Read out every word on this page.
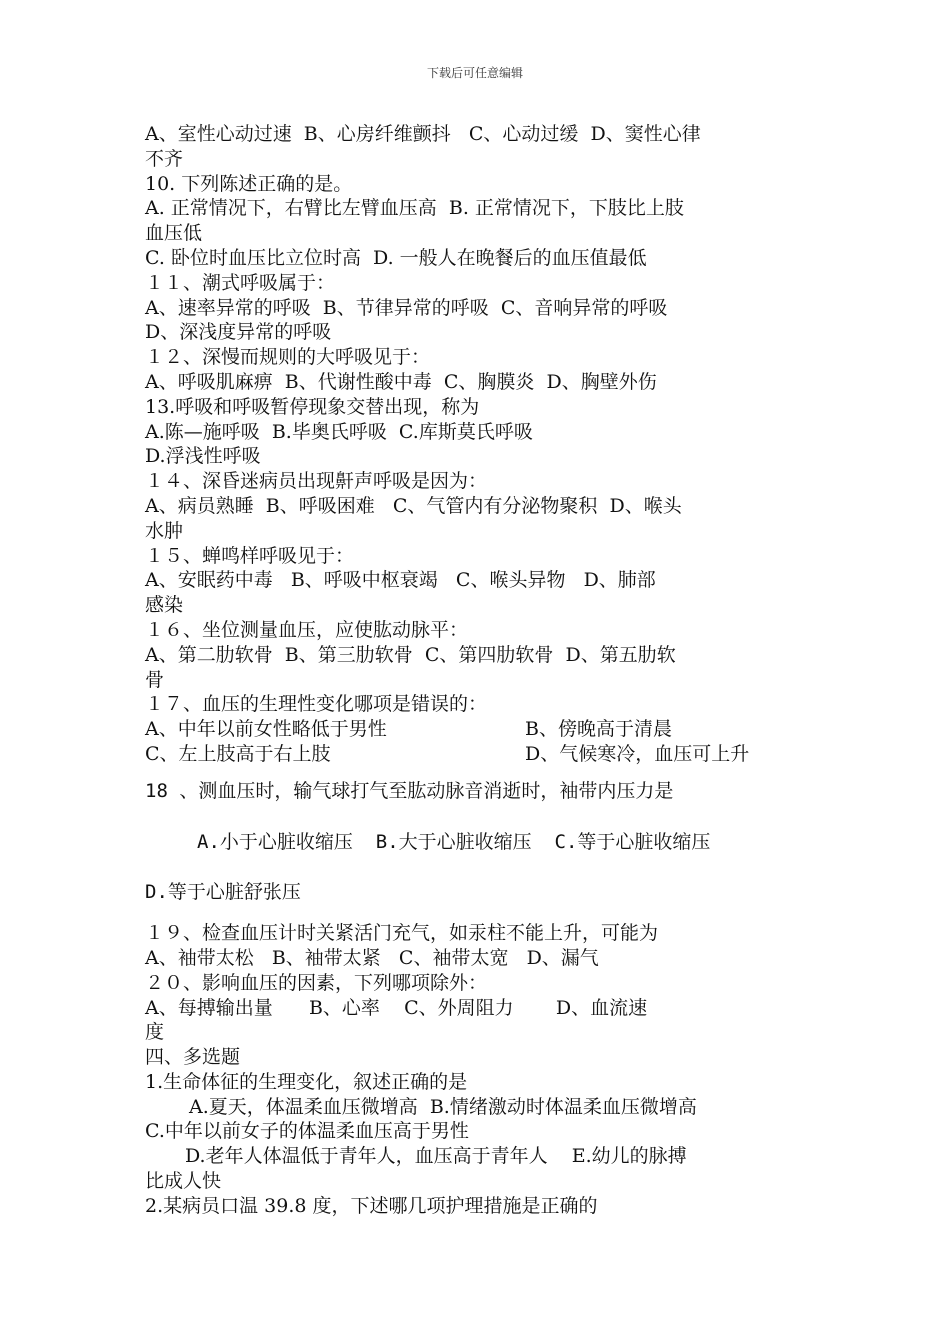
下载后可任意编辑
A、室性心动过速  B、心房纤维颤抖   C、心动过缓  D、窦性心律
不齐
10. 下列陈述正确的是。
A. 正常情况下，右臂比左臂血压高  B. 正常情况下，下肢比上肢
血压低
C. 卧位时血压比立位时高  D. 一般人在晚餐后的血压值最低
１１、潮式呼吸属于：
A、速率异常的呼吸  B、节律异常的呼吸  C、音响异常的呼吸
D、深浅度异常的呼吸
１２、深慢而规则的大呼吸见于：
A、呼吸肌麻痹  B、代谢性酸中毒  C、胸膜炎  D、胸壁外伤
13.呼吸和呼吸暂停现象交替出现，称为
A.陈—施呼吸  B.毕奥氏呼吸  C.库斯莫氏呼吸
D.浮浅性呼吸
１４、深昏迷病员出现鼾声呼吸是因为：
A、病员熟睡  B、呼吸困难   C、气管内有分泌物聚积  D、喉头
水肿
１５、蝉鸣样呼吸见于：
A、安眠药中毒   B、呼吸中枢衰竭   C、喉头异物   D、肺部
感染
１６、坐位测量血压，应使肱动脉平：
A、第二肋软骨  B、第三肋软骨  C、第四肋软骨  D、第五肋软
骨
１７、血压的生理性变化哪项是错误的：
A、中年以前女性略低于男性	B、傍晚高于清晨
C、左上肢高于右上肢	D、气候寒冷，血压可上升
18 、测血压时，输气球打气至肱动脉音消逝时，袖带内压力是
A.小于心脏收缩压  B.大于心脏收缩压  C.等于心脏收缩压
D.等于心脏舒张压
１９、检查血压计时关紧活门充气，如汞柱不能上升，可能为
A、袖带太松   B、袖带太紧   C、袖带太宽   D、漏气
２０、影响血压的因素，下列哪项除外：
A、每搏输出量      B、心率    C、外周阻力       D、血流速
度
四、多选题
1.生命体征的生理变化，叙述正确的是
A.夏天，体温柔血压微增高  B.情绪激动时体温柔血压微增高
C.中年以前女子的体温柔血压高于男性
D.老年人体温低于青年人，血压高于青年人    E.幼儿的脉搏
比成人快
2.某病员口温 39.8 度，下述哪几项护理措施是正确的
